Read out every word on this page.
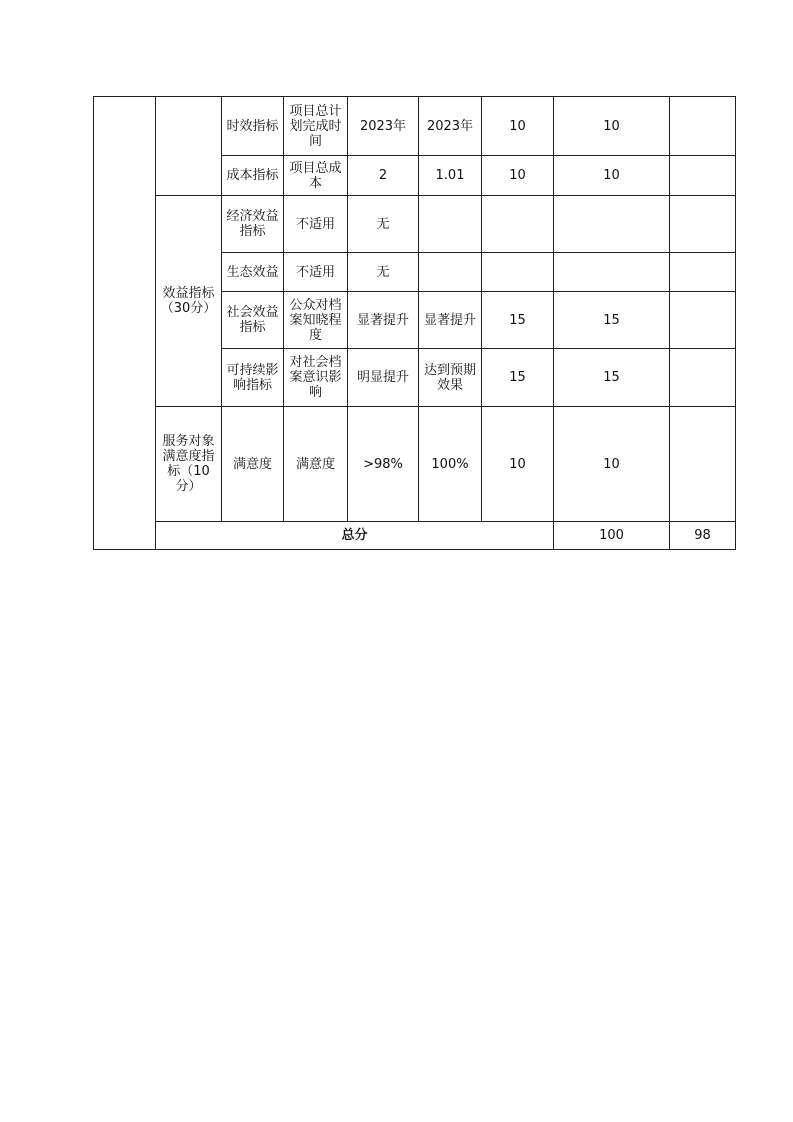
		时效指标	项目总计划完成时间	2023年	2023年	10	10		
		成本指标	项目总成本	2	1.01	10	10		
	效益指标（30分）	经济效益指标	不适用	无					
		生态效益	不适用	无					
		社会效益指标	公众对档案知晓程度	显著提升	显著提升	15	15		
		可持续影响指标	对社会档案意识影响	明显提升	达到预期效果	15	15		
	服务对象满意度指标（10分）	满意度	满意度	>98%	100%	10	10		
	总分						100	98	
